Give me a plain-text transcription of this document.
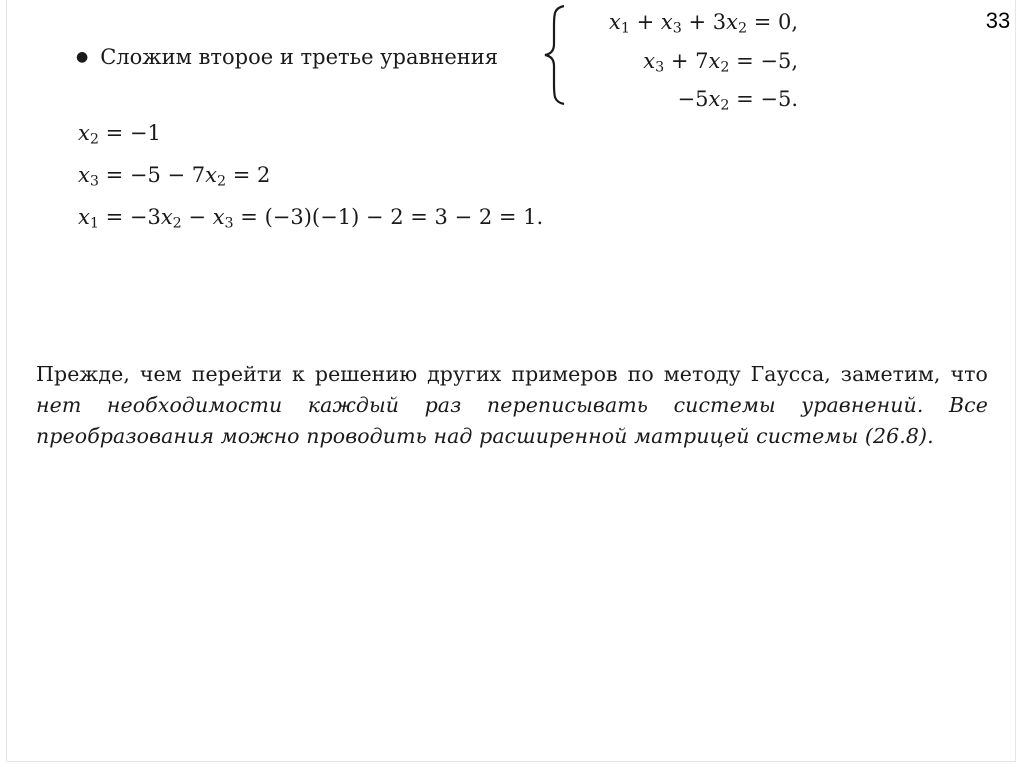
33
● Сложим второе и третье уравнения
$x_1 + x_3 + 3x_2 = 0$,
$x_3 + 7x_2 = -5$,
$-5x_2 = -5$.
$x_2 = -1$
$x_3 = -5 - 7x_2 = 2$
$x_1 = -3x_2 - x_3 = (-3)(-1) - 2 = 3 - 2 = 1$.

Прежде, чем перейти к решению других примеров по методу Гаусса, заметим, что нет необходимости каждый раз переписывать системы уравнений. Все преобразования можно проводить над расширенной матрицей системы (26.8).
